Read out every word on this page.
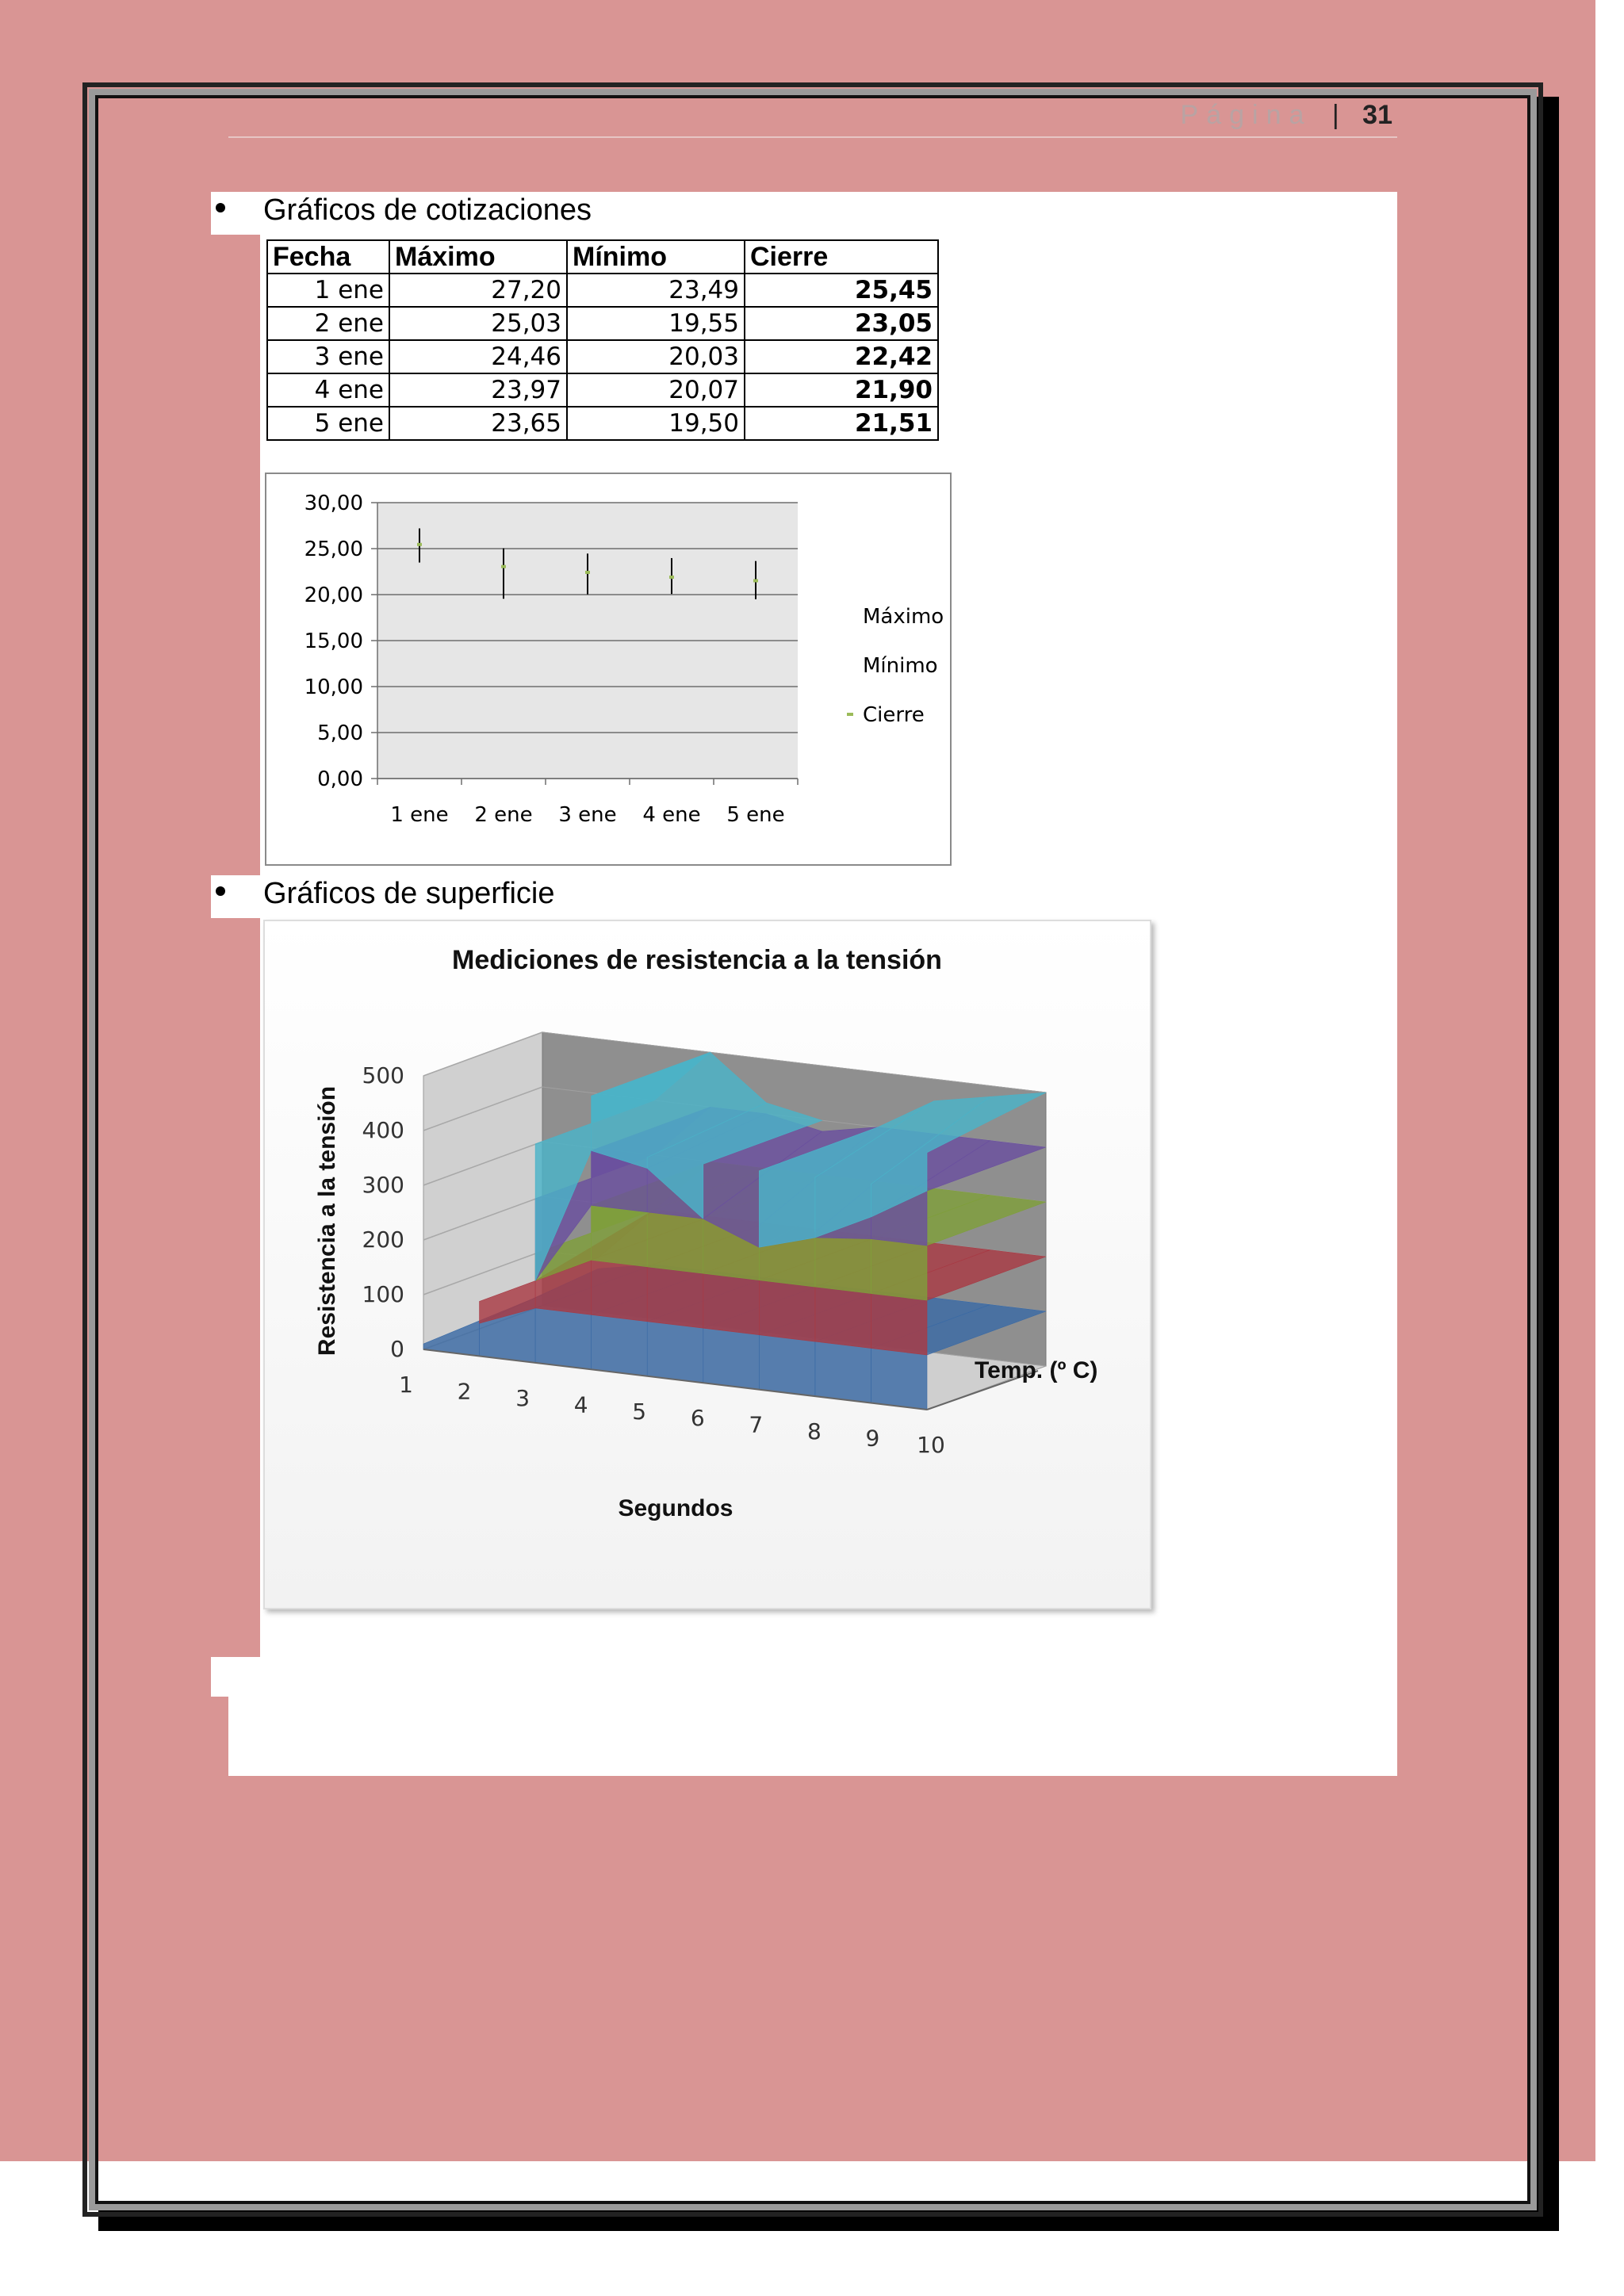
Página | 31
Gráficos de cotizaciones
Fecha	Máximo	Mínimo	Cierre
1 ene	27,20	23,49	25,45
2 ene	25,03	19,55	23,05
3 ene	24,46	20,03	22,42
4 ene	23,97	20,07	21,90
5 ene	23,65	19,50	21,51
30,00
25,00
20,00
15,00
10,00
5,00
0,00
1 ene 2 ene 3 ene 4 ene 5 ene
Máximo
Mínimo
Cierre
Gráficos de superficie
Mediciones de resistencia a la tensión
500
400
300
200
100
0
1 2 3 4 5 6 7 8 9 10
Segundos
Temp. (º C)
Resistencia a la tensión
